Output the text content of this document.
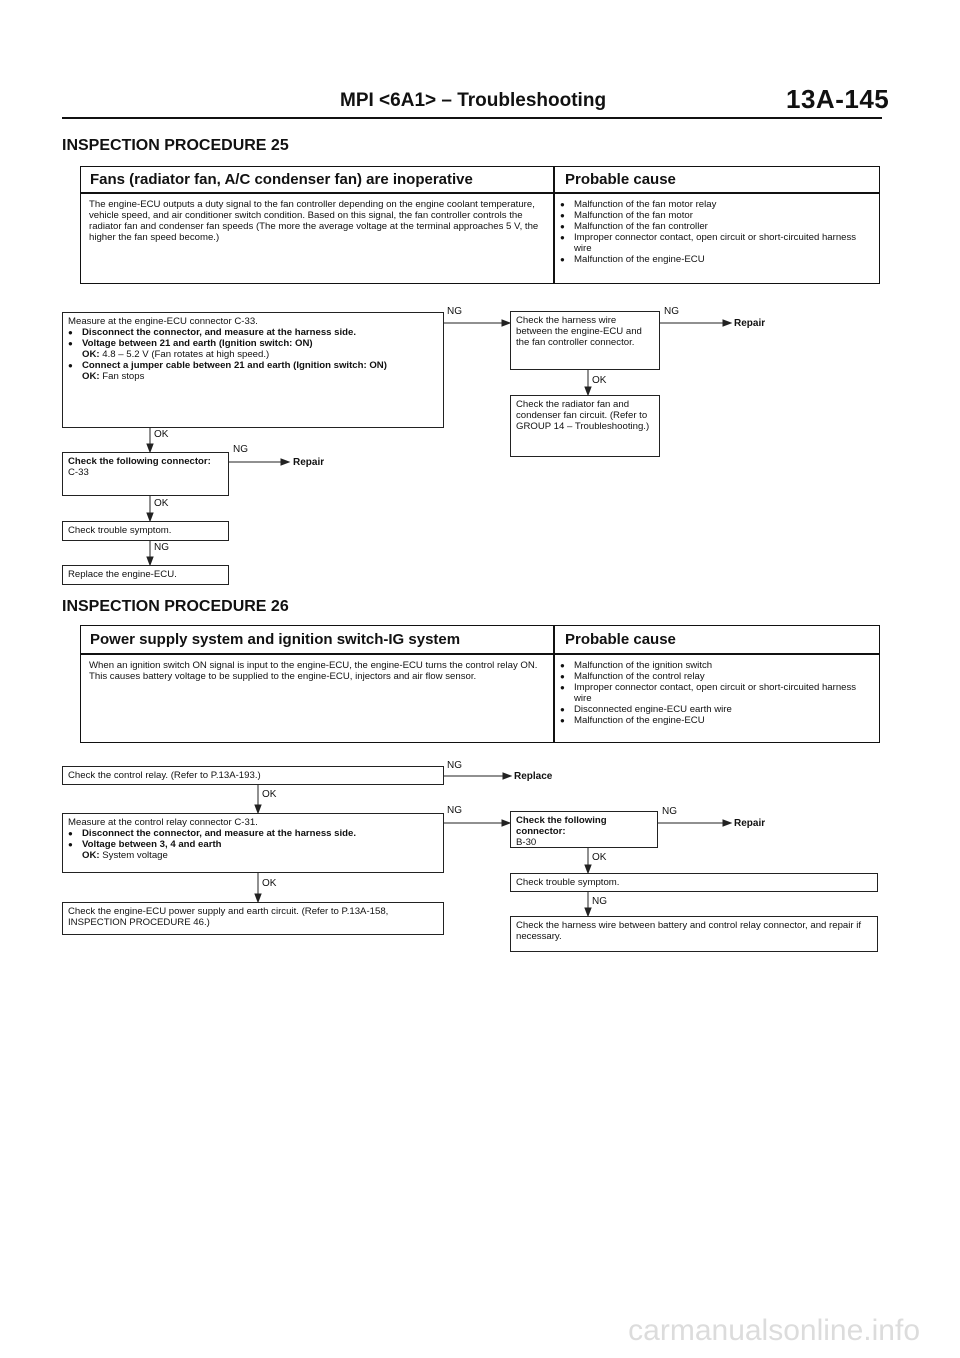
MPI <6A1> – Troubleshooting	13A-145
INSPECTION PROCEDURE 25
Fans (radiator fan, A/C condenser fan) are inoperative	Probable cause
The engine-ECU outputs a duty signal to the fan controller depending on the engine coolant temperature, vehicle speed, and air conditioner switch condition. Based on this signal, the fan controller controls the radiator fan and condenser fan speeds (The more the average voltage at the terminal approaches 5 V, the higher the fan speed become.)
● Malfunction of the fan motor relay
● Malfunction of the fan motor
● Malfunction of the fan controller
● Improper connector contact, open circuit or short-circuited harness wire
● Malfunction of the engine-ECU
Measure at the engine-ECU connector C-33.
● Disconnect the connector, and measure at the harness side.
● Voltage between 21 and earth (Ignition switch: ON)
OK: 4.8 – 5.2 V (Fan rotates at high speed.)
● Connect a jumper cable between 21 and earth (Ignition switch: ON)
OK: Fan stops
NG
Check the harness wire between the engine-ECU and the fan controller connector.
NG
Repair
OK
Check the radiator fan and condenser fan circuit. (Refer to GROUP 14 – Troubleshooting.)
OK
Check the following connector:
C-33
NG
Repair
OK
Check trouble symptom.
NG
Replace the engine-ECU.
INSPECTION PROCEDURE 26
Power supply system and ignition switch-IG system	Probable cause
When an ignition switch ON signal is input to the engine-ECU, the engine-ECU turns the control relay ON. This causes battery voltage to be supplied to the engine-ECU, injectors and air flow sensor.
● Malfunction of the ignition switch
● Malfunction of the control relay
● Improper connector contact, open circuit or short-circuited harness wire
● Disconnected engine-ECU earth wire
● Malfunction of the engine-ECU
Check the control relay. (Refer to P.13A-193.)
NG
Replace
OK
Measure at the control relay connector C-31.
● Disconnect the connector, and measure at the harness side.
● Voltage between 3, 4 and earth
OK: System voltage
NG
Check the following connector:
B-30
NG
Repair
OK
OK
Check the engine-ECU power supply and earth circuit. (Refer to P.13A-158, INSPECTION PROCEDURE 46.)
Check trouble symptom.
NG
Check the harness wire between battery and control relay connector, and repair if necessary.
carmanualsonline.info
